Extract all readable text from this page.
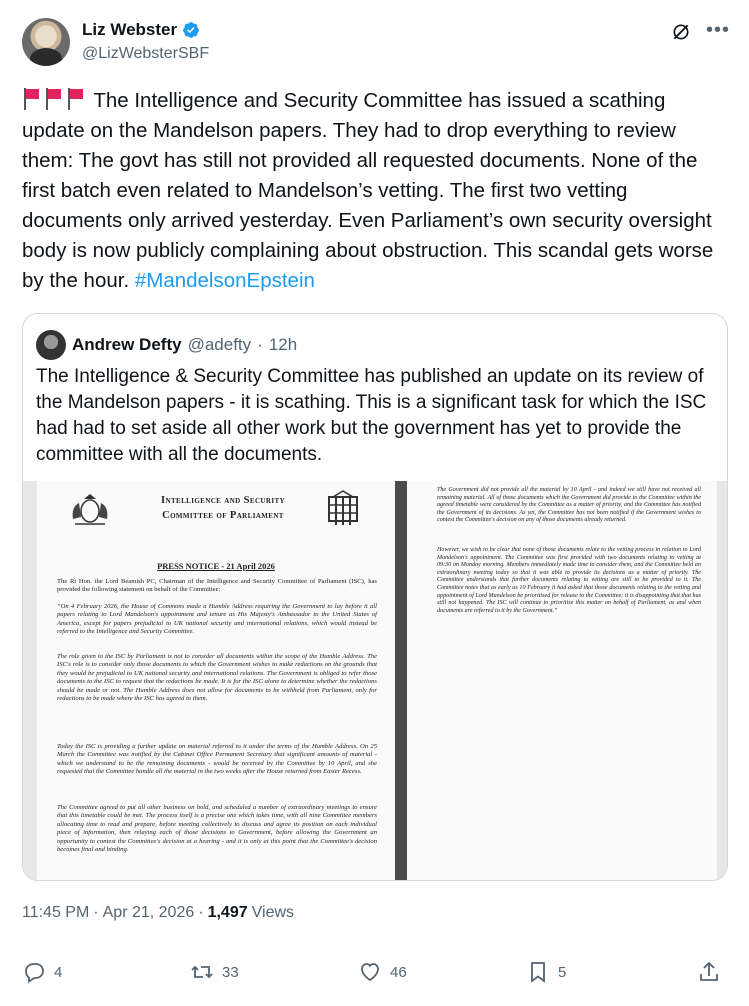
Liz Webster
@LizWebsterSBF
•••
The Intelligence and Security Committee has issued a scathing update on the Mandelson papers. They had to drop everything to review them: The govt has still not provided all requested documents. None of the first batch even related to Mandelson’s vetting. The first two vetting documents only arrived yesterday. Even Parliament’s own security oversight body is now publicly complaining about obstruction. This scandal gets worse by the hour. #MandelsonEpstein
Andrew Defty @adefty · 12h
The Intelligence & Security Committee has published an update on its review of the Mandelson papers - it is scathing. This is a significant task for which the ISC had had to set aside all other work but the government has yet to provide the committee with all the documents.
Intelligence and Security
Committee of Parliament
PRESS NOTICE - 21 April 2026
The Rt Hon. the Lord Beamish PC, Chairman of the Intelligence and Security Committee of Parliament (ISC), has provided the following statement on behalf of the Committee:
“On 4 February 2026, the House of Commons made a Humble Address requiring the Government to lay before it all papers relating to Lord Mandelson's appointment and tenure as His Majesty's Ambassador to the United States of America, except for papers prejudicial to UK national security and international relations, which would instead be referred to the Intelligence and Security Committee.
The role given to the ISC by Parliament is not to consider all documents within the scope of the Humble Address. The ISC's role is to consider only those documents to which the Government wishes to make redactions on the grounds that they would be prejudicial to UK national security and international relations. The Government is obliged to refer those documents to the ISC to request that the redactions be made. It is for the ISC alone to determine whether the redactions should be made or not. The Humble Address does not allow for documents to be withheld from Parliament, only for redactions to be made where the ISC has agreed to them.
Today the ISC is providing a further update on material referred to it under the terms of the Humble Address. On 25 March the Committee was notified by the Cabinet Office Permanent Secretary that significant amounts of material - which we understand to be the remaining documents - would be received by the Committee by 10 April, and she requested that the Committee handle all the material in the two weeks after the House returned from Easter Recess.
The Committee agreed to put all other business on hold, and scheduled a number of extraordinary meetings to ensure that this timetable could be met. The process itself is a precise one which takes time, with all nine Committee members allocating time to read and prepare, before meeting collectively to discuss and agree its position on each individual piece of information, then relaying each of those decisions to Government, before allowing the Government an opportunity to contest the Committee's decision at a hearing - and it is only at this point that the Committee's decision becomes final and binding.
The Government did not provide all the material by 10 April - and indeed we still have not received all remaining material. All of those documents which the Government did provide to the Committee within the agreed timetable were considered by the Committee as a matter of priority, and the Committee has notified the Government of its decisions. As yet, the Committee has not been notified if the Government wishes to contest the Committee's decision on any of those documents already returned.
However, we wish to be clear that none of those documents relate to the vetting process in relation to Lord Mandelson's appointment. The Committee was first provided with two documents relating to vetting at 09:30 on Monday morning. Members immediately made time to consider them, and the Committee held an extraordinary meeting today so that it was able to provide its decisions as a matter of priority. The Committee understands that further documents relating to vetting are still to be provided to it. The Committee notes that as early as 10 February it had asked that those documents relating to the vetting and appointment of Lord Mandelson be prioritised for release to the Committee: it is disappointing that that has still not happened. The ISC will continue to prioritise this matter on behalf of Parliament, as and when documents are referred to it by the Government.”
11:45 PM · Apr 21, 2026 · 1,497 Views
4	33	46	5
